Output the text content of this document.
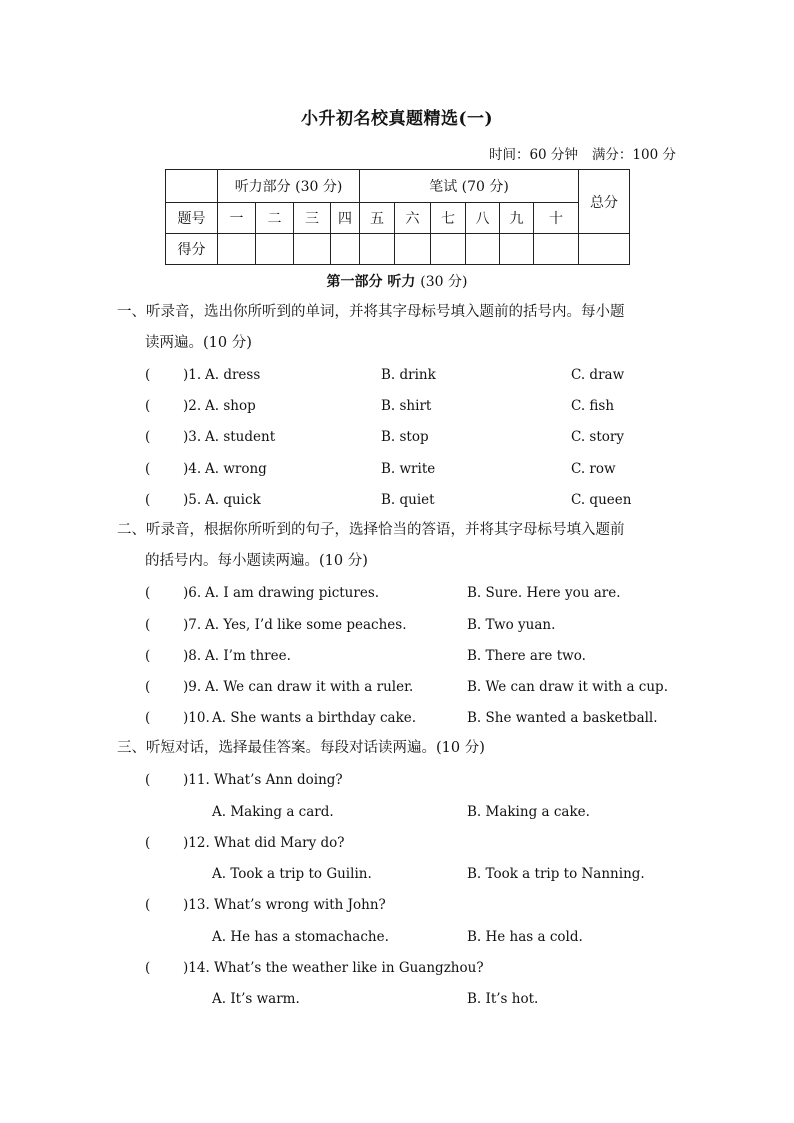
小升初名校真题精选(一)
时间：60 分钟 满分：100 分
	听力部分 (30 分)				笔试 (70 分)						总分
题号	一	二	三	四	五	六	七	八	九	十	
得分											
第一部分 听力 (30 分)
一、听录音，选出你所听到的单词，并将其字母标号填入题前的括号内。每小题
读两遍。(10 分)
(	)1. A. dress	B. drink	C. draw
(	)2. A. shop	B. shirt	C. fish
(	)3. A. student	B. stop	C. story
(	)4. A. wrong	B. write	C. row
(	)5. A. quick	B. quiet	C. queen
二、听录音，根据你所听到的句子，选择恰当的答语，并将其字母标号填入题前
的括号内。每小题读两遍。(10 分)
(	)6. A. I am drawing pictures.	B. Sure. Here you are.
(	)7. A. Yes, I’d like some peaches.	B. Two yuan.
(	)8. A. I’m three.	B. There are two.
(	)9. A. We can draw it with a ruler.	B. We can draw it with a cup.
(	)10. A. She wants a birthday cake.	B. She wanted a basketball.
三、听短对话，选择最佳答案。每段对话读两遍。(10 分)
(	)11. What’s Ann doing?
A. Making a card.	B. Making a cake.
(	)12. What did Mary do?
A. Took a trip to Guilin.	B. Took a trip to Nanning.
(	)13. What’s wrong with John?
A. He has a stomachache.	B. He has a cold.
(	)14. What’s the weather like in Guangzhou?
A. It’s warm.	B. It’s hot.
